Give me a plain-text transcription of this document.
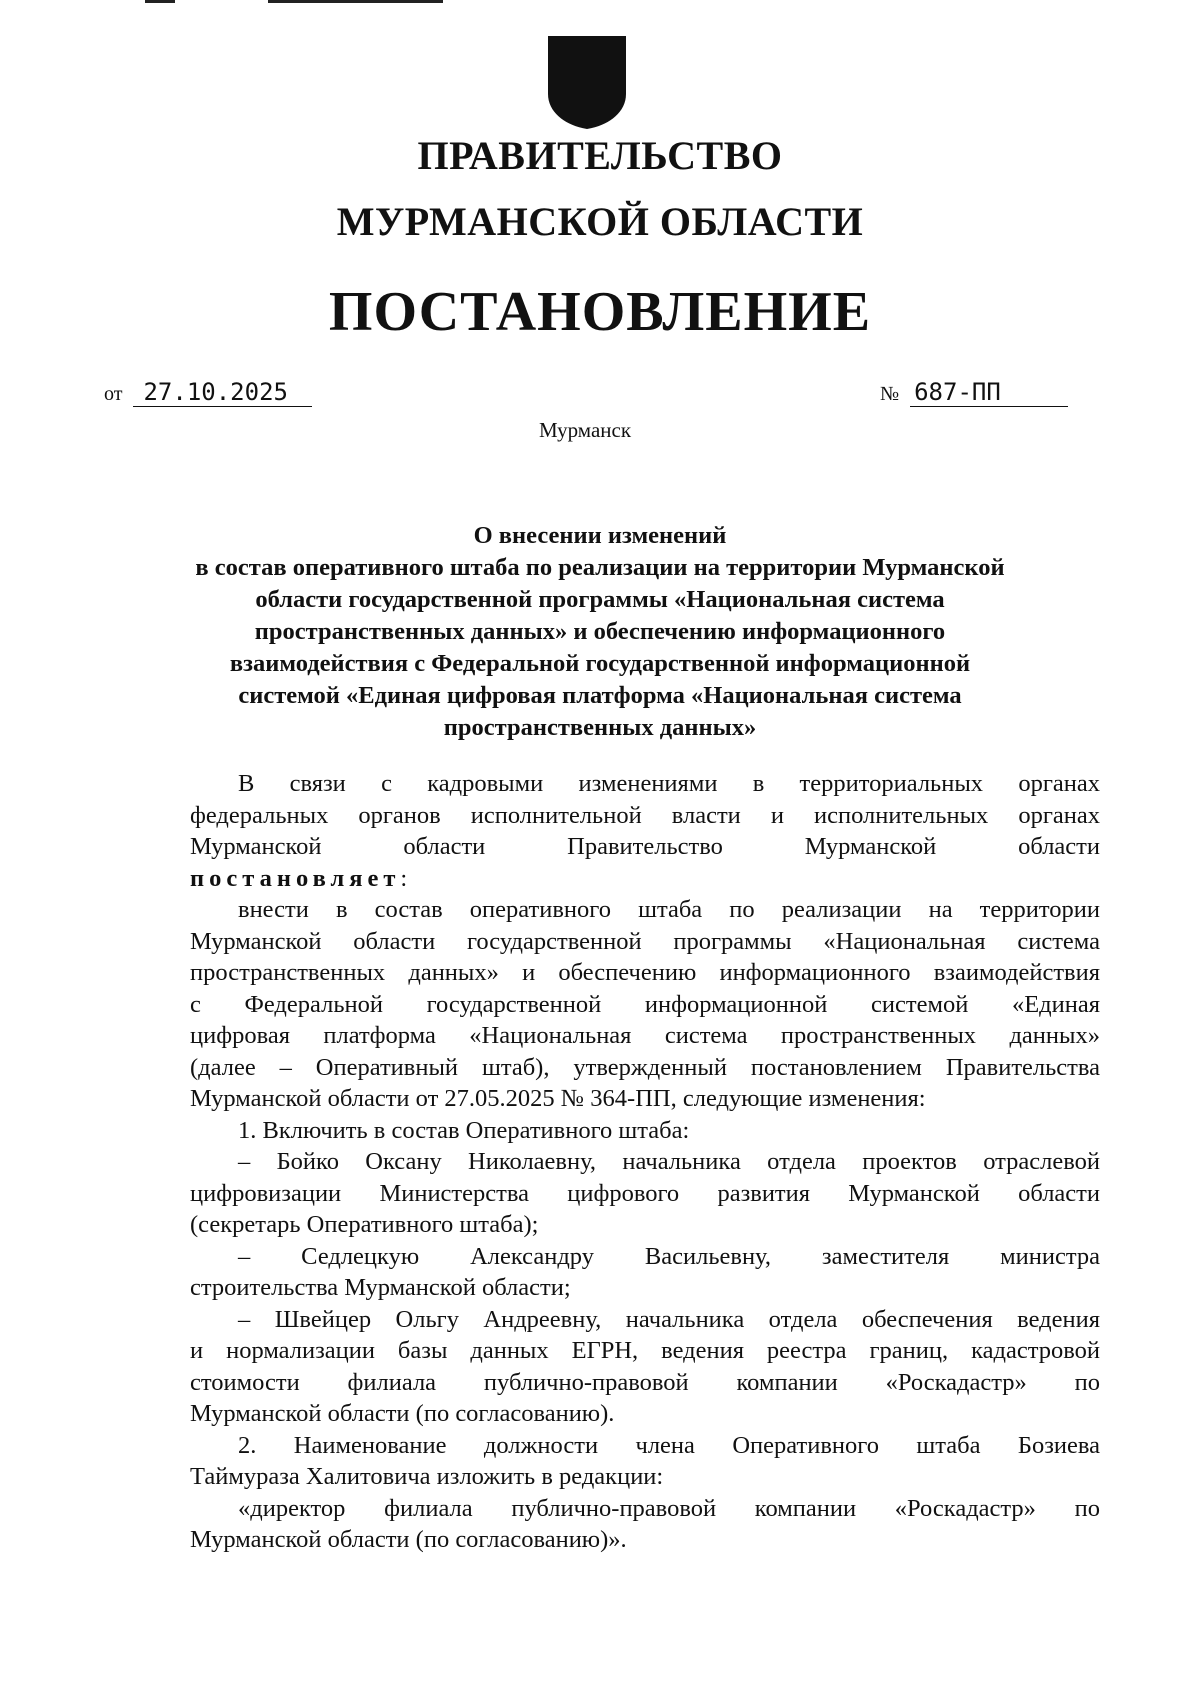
ПРАВИТЕЛЬСТВО
МУРМАНСКОЙ ОБЛАСТИ
ПОСТАНОВЛЕНИЕ
от 27.10.2025	№ 687-ПП
Мурманск
О внесении изменений
в состав оперативного штаба по реализации на территории Мурманской
области государственной программы «Национальная система
пространственных данных» и обеспечению информационного
взаимодействия с Федеральной государственной информационной
системой «Единая цифровая платформа «Национальная система
пространственных данных»
В связи с кадровыми изменениями в территориальных органах
федеральных органов исполнительной власти и исполнительных органах
Мурманской области Правительство Мурманской области
постановляет:
внести в состав оперативного штаба по реализации на территории
Мурманской области государственной программы «Национальная система
пространственных данных» и обеспечению информационного взаимодействия
с Федеральной государственной информационной системой «Единая
цифровая платформа «Национальная система пространственных данных»
(далее – Оперативный штаб), утвержденный постановлением Правительства
Мурманской области от 27.05.2025 № 364-ПП, следующие изменения:
1. Включить в состав Оперативного штаба:
– Бойко Оксану Николаевну, начальника отдела проектов отраслевой
цифровизации Министерства цифрового развития Мурманской области
(секретарь Оперативного штаба);
– Седлецкую Александру Васильевну, заместителя министра
строительства Мурманской области;
– Швейцер Ольгу Андреевну, начальника отдела обеспечения ведения
и нормализации базы данных ЕГРН, ведения реестра границ, кадастровой
стоимости филиала публично-правовой компании «Роскадастр» по
Мурманской области (по согласованию).
2. Наименование должности члена Оперативного штаба Бозиева
Таймураза Халитовича изложить в редакции:
«директор филиала публично-правовой компании «Роскадастр» по
Мурманской области (по согласованию)».
